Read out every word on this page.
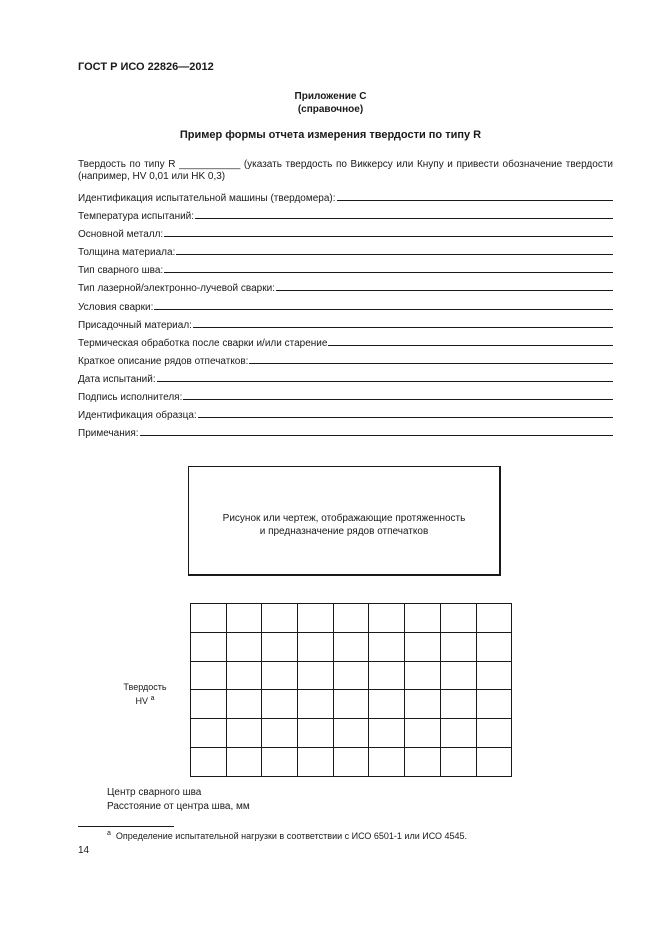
ГОСТ Р ИСО 22826—2012
Приложение С
(справочное)
Пример формы отчета измерения твердости по типу R
Твердость по типу R ___________ (указать твердость по Виккерсу или Кнупу и привести обозначение твердости (например, HV 0,01 или HK 0,3)
Идентификация испытательной машины (твердомера):
Температура испытаний:
Основной металл:
Толщина материала:
Тип сварного шва:
Тип лазерной/электронно-лучевой сварки:
Условия сварки:
Присадочный материал:
Термическая обработка после сварки и/или старение
Краткое описание рядов отпечатков:
Дата испытаний:
Подпись исполнителя:
Идентификация образца:
Примечания:
Рисунок или чертеж, отображающие протяженность
и предназначение рядов отпечатков
Твердость
HV $^a$

Центр сварного шва
Расстояние от центра шва, мм
$^a$ Определение испытательной нагрузки в соответствии с ИСО 6501-1 или ИСО 4545.
14
